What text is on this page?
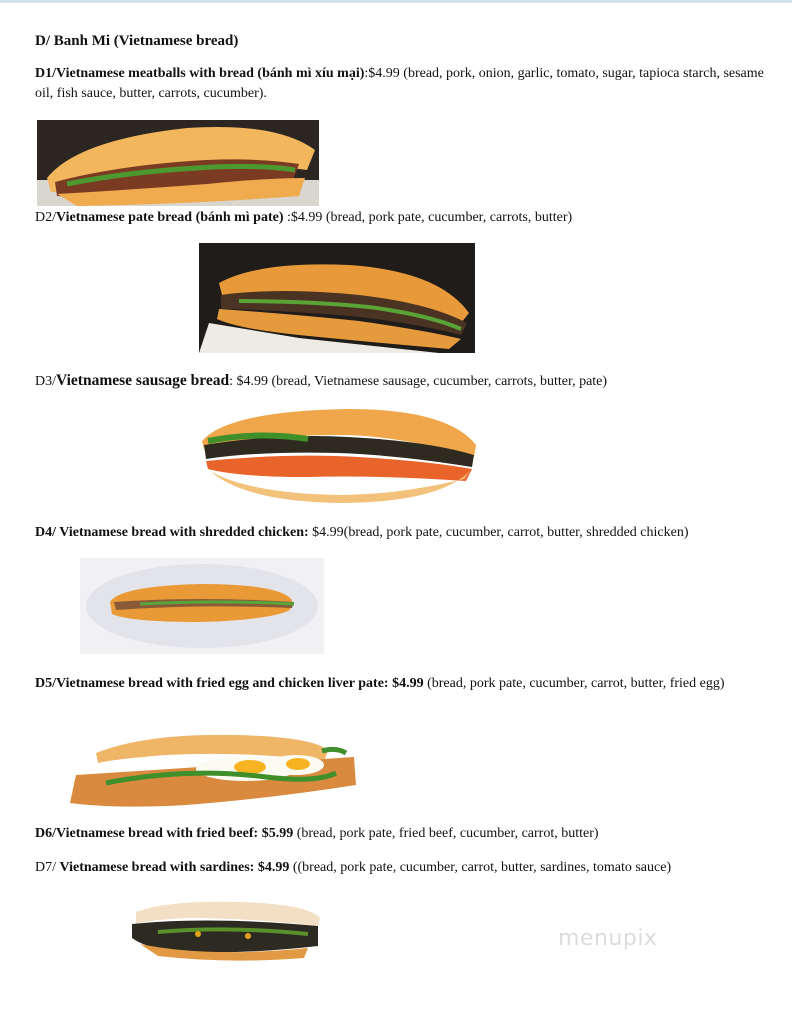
D/ Banh Mi (Vietnamese bread)
D1/Vietnamese meatballs with bread (bánh mì xíu mại):$4.99 (bread, pork, onion, garlic, tomato, sugar, tapioca starch, sesame oil, fish sauce, butter, carrots, cucumber).
D2/Vietnamese pate bread (bánh mì pate) :$4.99 (bread, pork pate, cucumber, carrots, butter)
D3/Vietnamese sausage bread: $4.99 (bread, Vietnamese sausage, cucumber, carrots, butter, pate)
D4/ Vietnamese bread with shredded chicken: $4.99(bread, pork pate, cucumber, carrot, butter, shredded chicken)
D5/Vietnamese bread with fried egg and chicken liver pate: $4.99 (bread, pork pate, cucumber, carrot, butter, fried egg)
D6/Vietnamese bread with fried beef: $5.99 (bread, pork pate, fried beef, cucumber, carrot, butter)
D7/ Vietnamese bread with sardines: $4.99 ((bread, pork pate, cucumber, carrot, butter, sardines, tomato sauce)
menupix
